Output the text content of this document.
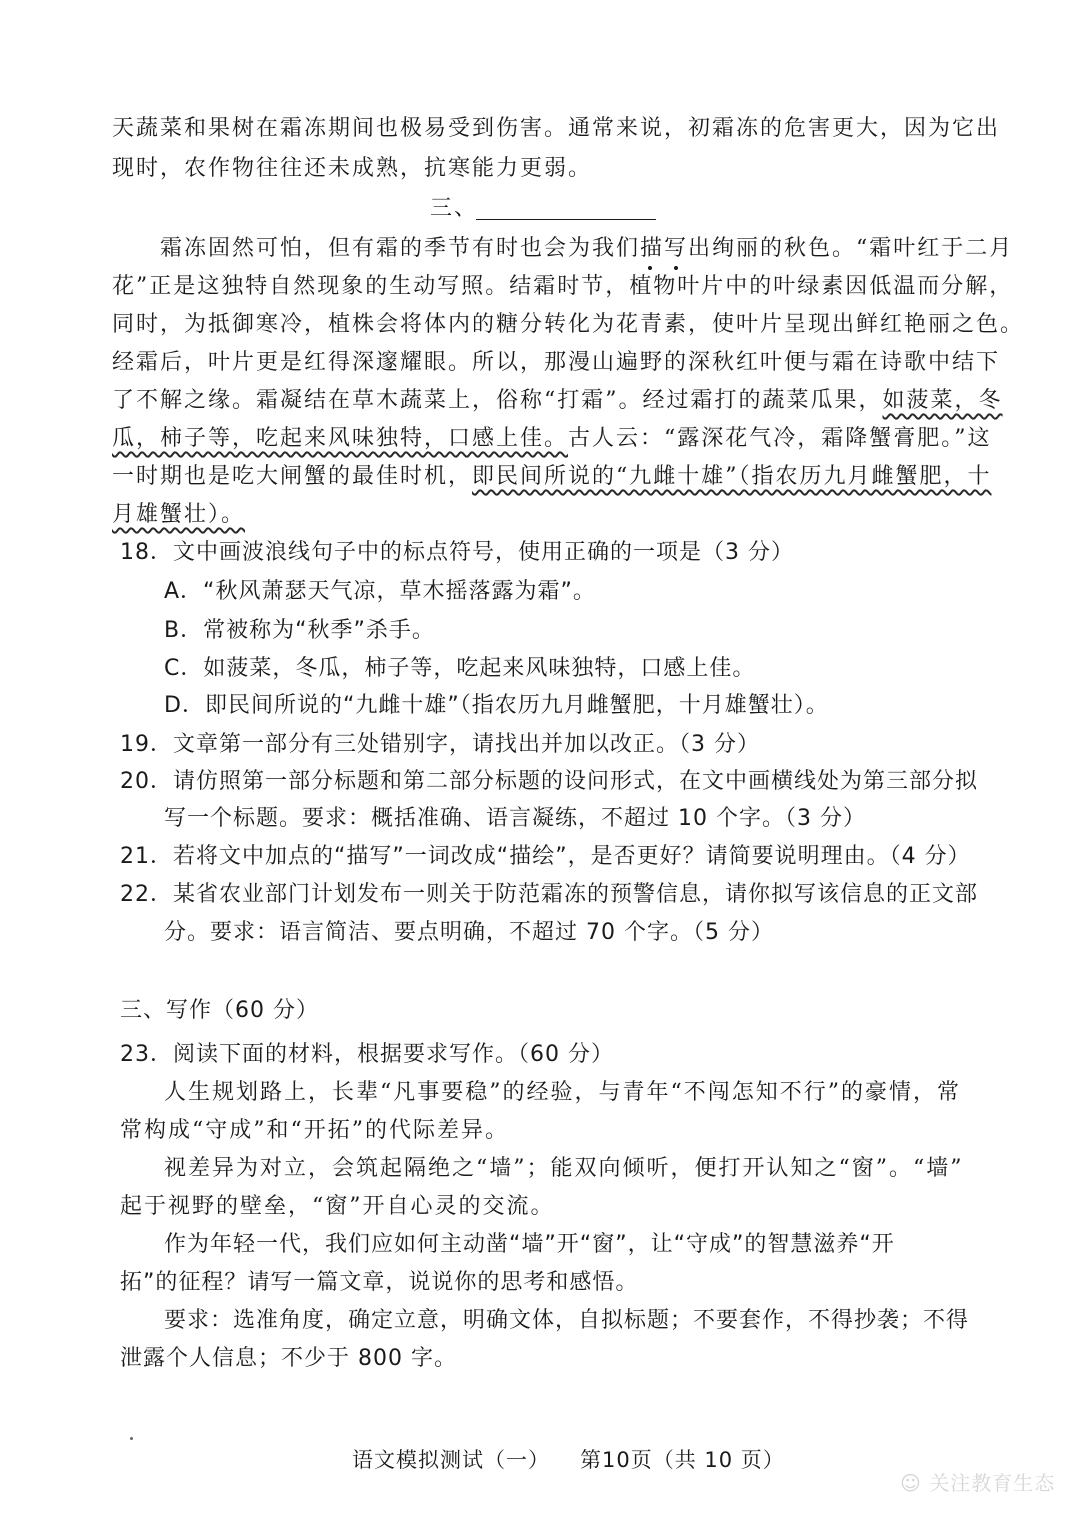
天蔬菜和果树在霜冻期间也极易受到伤害。通常来说，初霜冻的危害更大，因为它出
现时，农作物往往还未成熟，抗寒能力更弱。
三、
霜冻固然可怕，但有霜的季节有时也会为我们描写
出绚丽的秋色。“霜叶红于二月
花”正是这独特自然现象的生动写照。结霜时节，植物叶片中的叶绿素因低温而分解，
同时，为抵御寒冷，植株会将体内的糖分转化为花青素，使叶片呈现出鲜红艳丽之色。
经霜后，叶片更是红得深邃耀眼。所以，那漫山遍野的深秋红叶便与霜在诗歌中结下
了不解之缘。霜凝结在草木蔬菜上，俗称“打霜”。经过霜打的蔬菜瓜果，如菠菜，冬
瓜，柿子等，吃起来风味独特，口感上佳。古人云：“露深花气冷，霜降蟹膏肥。”这
一时期也是吃大闸蟹的最佳时机，即民间所说的“九雌十雄”（指农历九月雌蟹肥，十
月雄蟹壮）。
18．文中画波浪线句子中的标点符号，使用正确的一项是（3 分）
A．“秋风萧瑟天气凉，草木摇落露为霜”。
B．常被称为“秋季”杀手。
C．如菠菜，冬瓜，柿子等，吃起来风味独特，口感上佳。
D．即民间所说的“九雌十雄”（指农历九月雌蟹肥，十月雄蟹壮）。
19．文章第一部分有三处错别字，请找出并加以改正。（3 分）
20．请仿照第一部分标题和第二部分标题的设问形式，在文中画横线处为第三部分拟
写一个标题。要求：概括准确、语言凝练，不超过 10 个字。（3 分）
21．若将文中加点的“描写”一词改成“描绘”，是否更好？请简要说明理由。（4 分）
22．某省农业部门计划发布一则关于防范霜冻的预警信息，请你拟写该信息的正文部
分。要求：语言简洁、要点明确，不超过 70 个字。（5 分）
三、写作（60 分）
23．阅读下面的材料，根据要求写作。（60 分）
人生规划路上，长辈“凡事要稳”的经验，与青年“不闯怎知不行”的豪情，常
常构成“守成”和“开拓”的代际差异。
视差异为对立，会筑起隔绝之“墙”；能双向倾听，便打开认知之“窗”。“墙”
起于视野的壁垒，“窗”开自心灵的交流。
作为年轻一代，我们应如何主动凿“墙”开“窗”，让“守成”的智慧滋养“开
拓”的征程？请写一篇文章，说说你的思考和感悟。
要求：选准角度，确定立意，明确文体，自拟标题；不要套作，不得抄袭；不得
泄露个人信息；不少于 800 字。
语文模拟测试（一） 第10页（共 10 页）
☺ 关注教育生态
